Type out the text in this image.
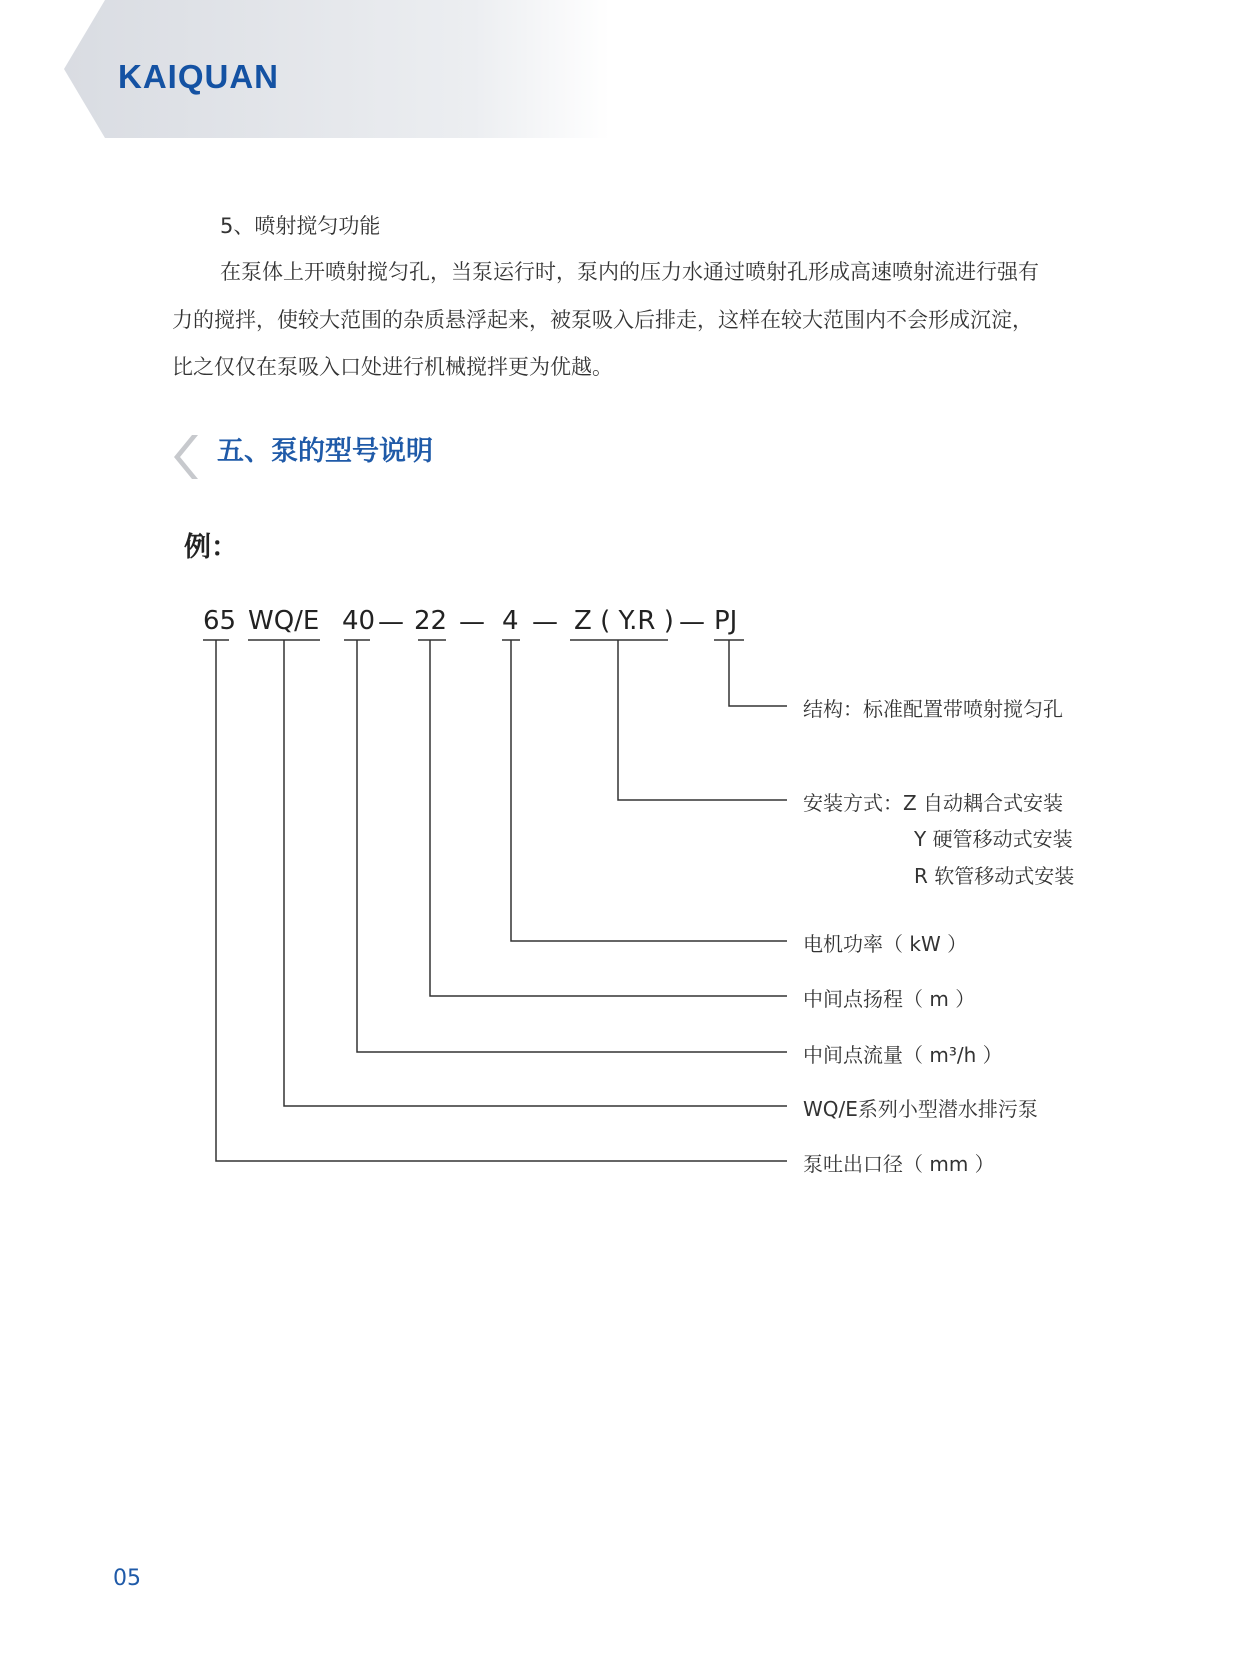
KAIQUAN

5、喷射搅匀功能

在泵体上开喷射搅匀孔，当泵运行时，泵内的压力水通过喷射孔形成高速喷射流进行强有

力的搅拌，使较大范围的杂质悬浮起来，被泵吸入后排走，这样在较大范围内不会形成沉淀，

比之仅仅在泵吸入口处进行机械搅拌更为优越。

五、泵的型号说明

例：

65 WQ/E 40 — 22 — 4 — Z ( Y.R ) — PJ

结构：标准配置带喷射搅匀孔

安装方式：Z 自动耦合式安装

Y 硬管移动式安装

R 软管移动式安装

电机功率（ kW ）

中间点扬程（ m ）

中间点流量（ m³/h ）

WQ/E系列小型潜水排污泵

泵吐出口径（ mm ）

05
